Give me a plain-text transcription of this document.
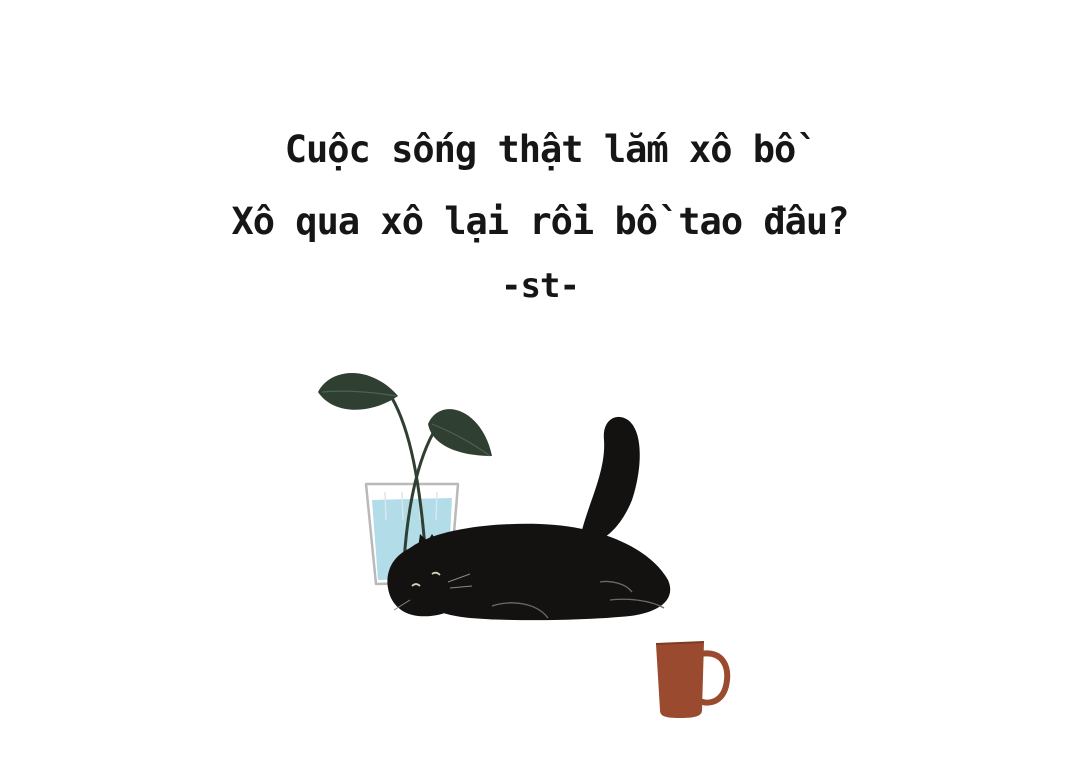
Cuộc sống thật lắm xô bồ
Xô qua xô lại rồi bồ tao đâu?
-st-
